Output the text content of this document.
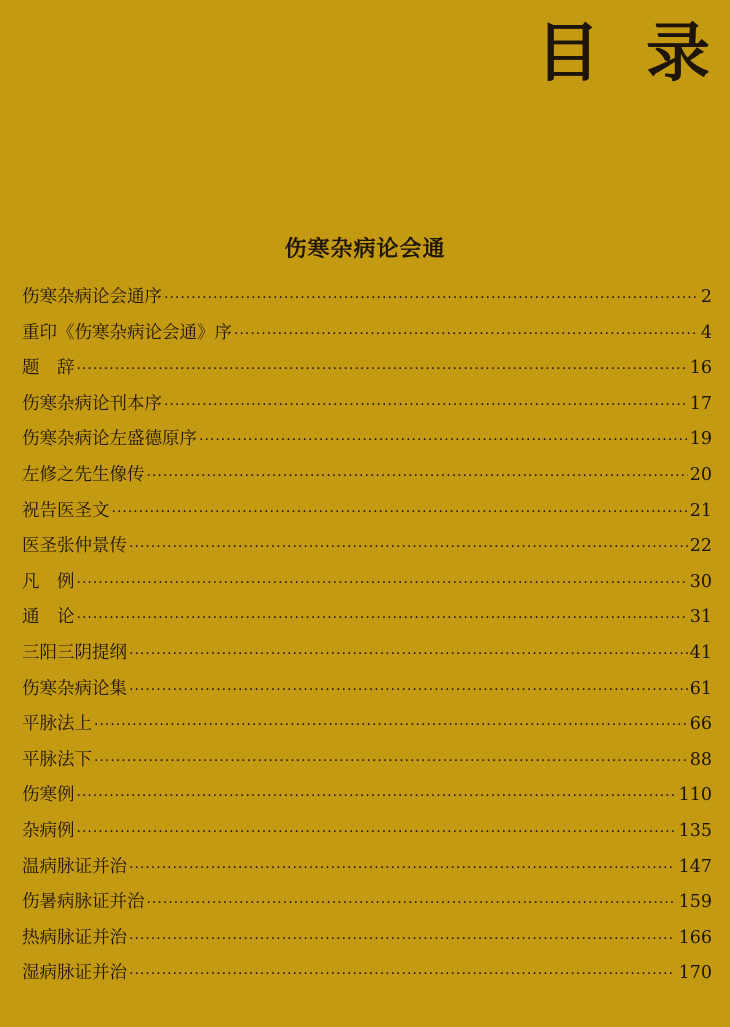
目 录
伤寒杂病论会通
伤寒杂病论会通序 ·····	2
重印《伤寒杂病论会通》序 ·····	4
题　辞 ·····	16
伤寒杂病论刊本序 ·····	17
伤寒杂病论左盛德原序 ·····	19
左修之先生像传 ·····	20
祝告医圣文 ·····	21
医圣张仲景传 ·····	22
凡　例 ·····	30
通　论 ·····	31
三阳三阴提纲 ·····	41
伤寒杂病论集 ·····	61
平脉法上 ·····	66
平脉法下 ·····	88
伤寒例 ·····	110
杂病例 ·····	135
温病脉证并治 ·····	147
伤暑病脉证并治 ·····	159
热病脉证并治 ·····	166
湿病脉证并治 ·····	170
